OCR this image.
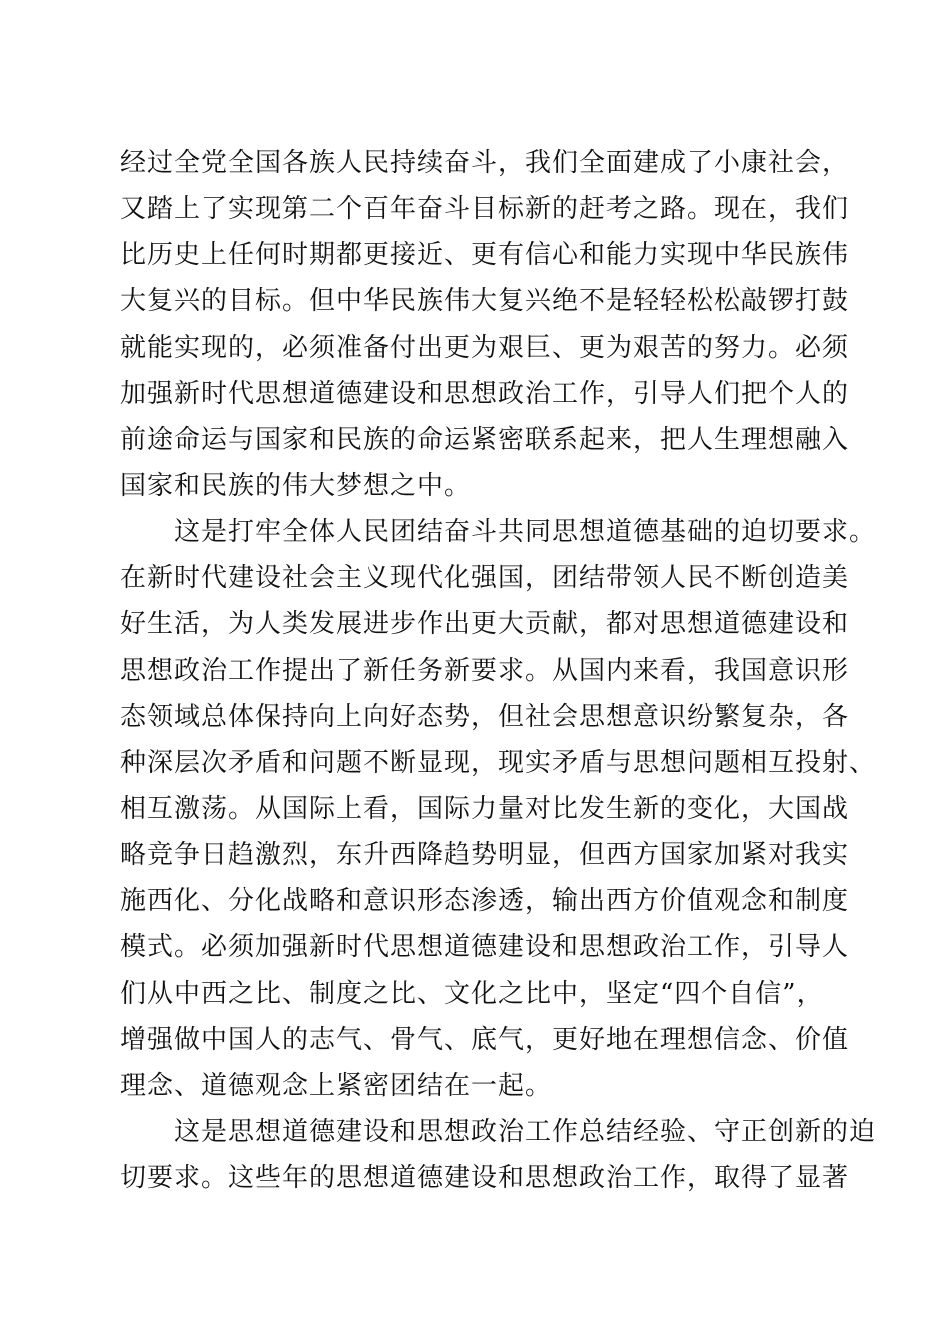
经过全党全国各族人民持续奋斗，我们全面建成了小康社会，
又踏上了实现第二个百年奋斗目标新的赶考之路。现在，我们
比历史上任何时期都更接近、更有信心和能力实现中华民族伟
大复兴的目标。但中华民族伟大复兴绝不是轻轻松松敲锣打鼓
就能实现的，必须准备付出更为艰巨、更为艰苦的努力。必须
加强新时代思想道德建设和思想政治工作，引导人们把个人的
前途命运与国家和民族的命运紧密联系起来，把人生理想融入
国家和民族的伟大梦想之中。
　　这是打牢全体人民团结奋斗共同思想道德基础的迫切要求。
在新时代建设社会主义现代化强国，团结带领人民不断创造美
好生活，为人类发展进步作出更大贡献，都对思想道德建设和
思想政治工作提出了新任务新要求。从国内来看，我国意识形
态领域总体保持向上向好态势，但社会思想意识纷繁复杂，各
种深层次矛盾和问题不断显现，现实矛盾与思想问题相互投射、
相互激荡。从国际上看，国际力量对比发生新的变化，大国战
略竞争日趋激烈，东升西降趋势明显，但西方国家加紧对我实
施西化、分化战略和意识形态渗透，输出西方价值观念和制度
模式。必须加强新时代思想道德建设和思想政治工作，引导人
们从中西之比、制度之比、文化之比中，坚定“四个自信”，
增强做中国人的志气、骨气、底气，更好地在理想信念、价值
理念、道德观念上紧密团结在一起。
　　这是思想道德建设和思想政治工作总结经验、守正创新的迫
切要求。这些年的思想道德建设和思想政治工作，取得了显著
